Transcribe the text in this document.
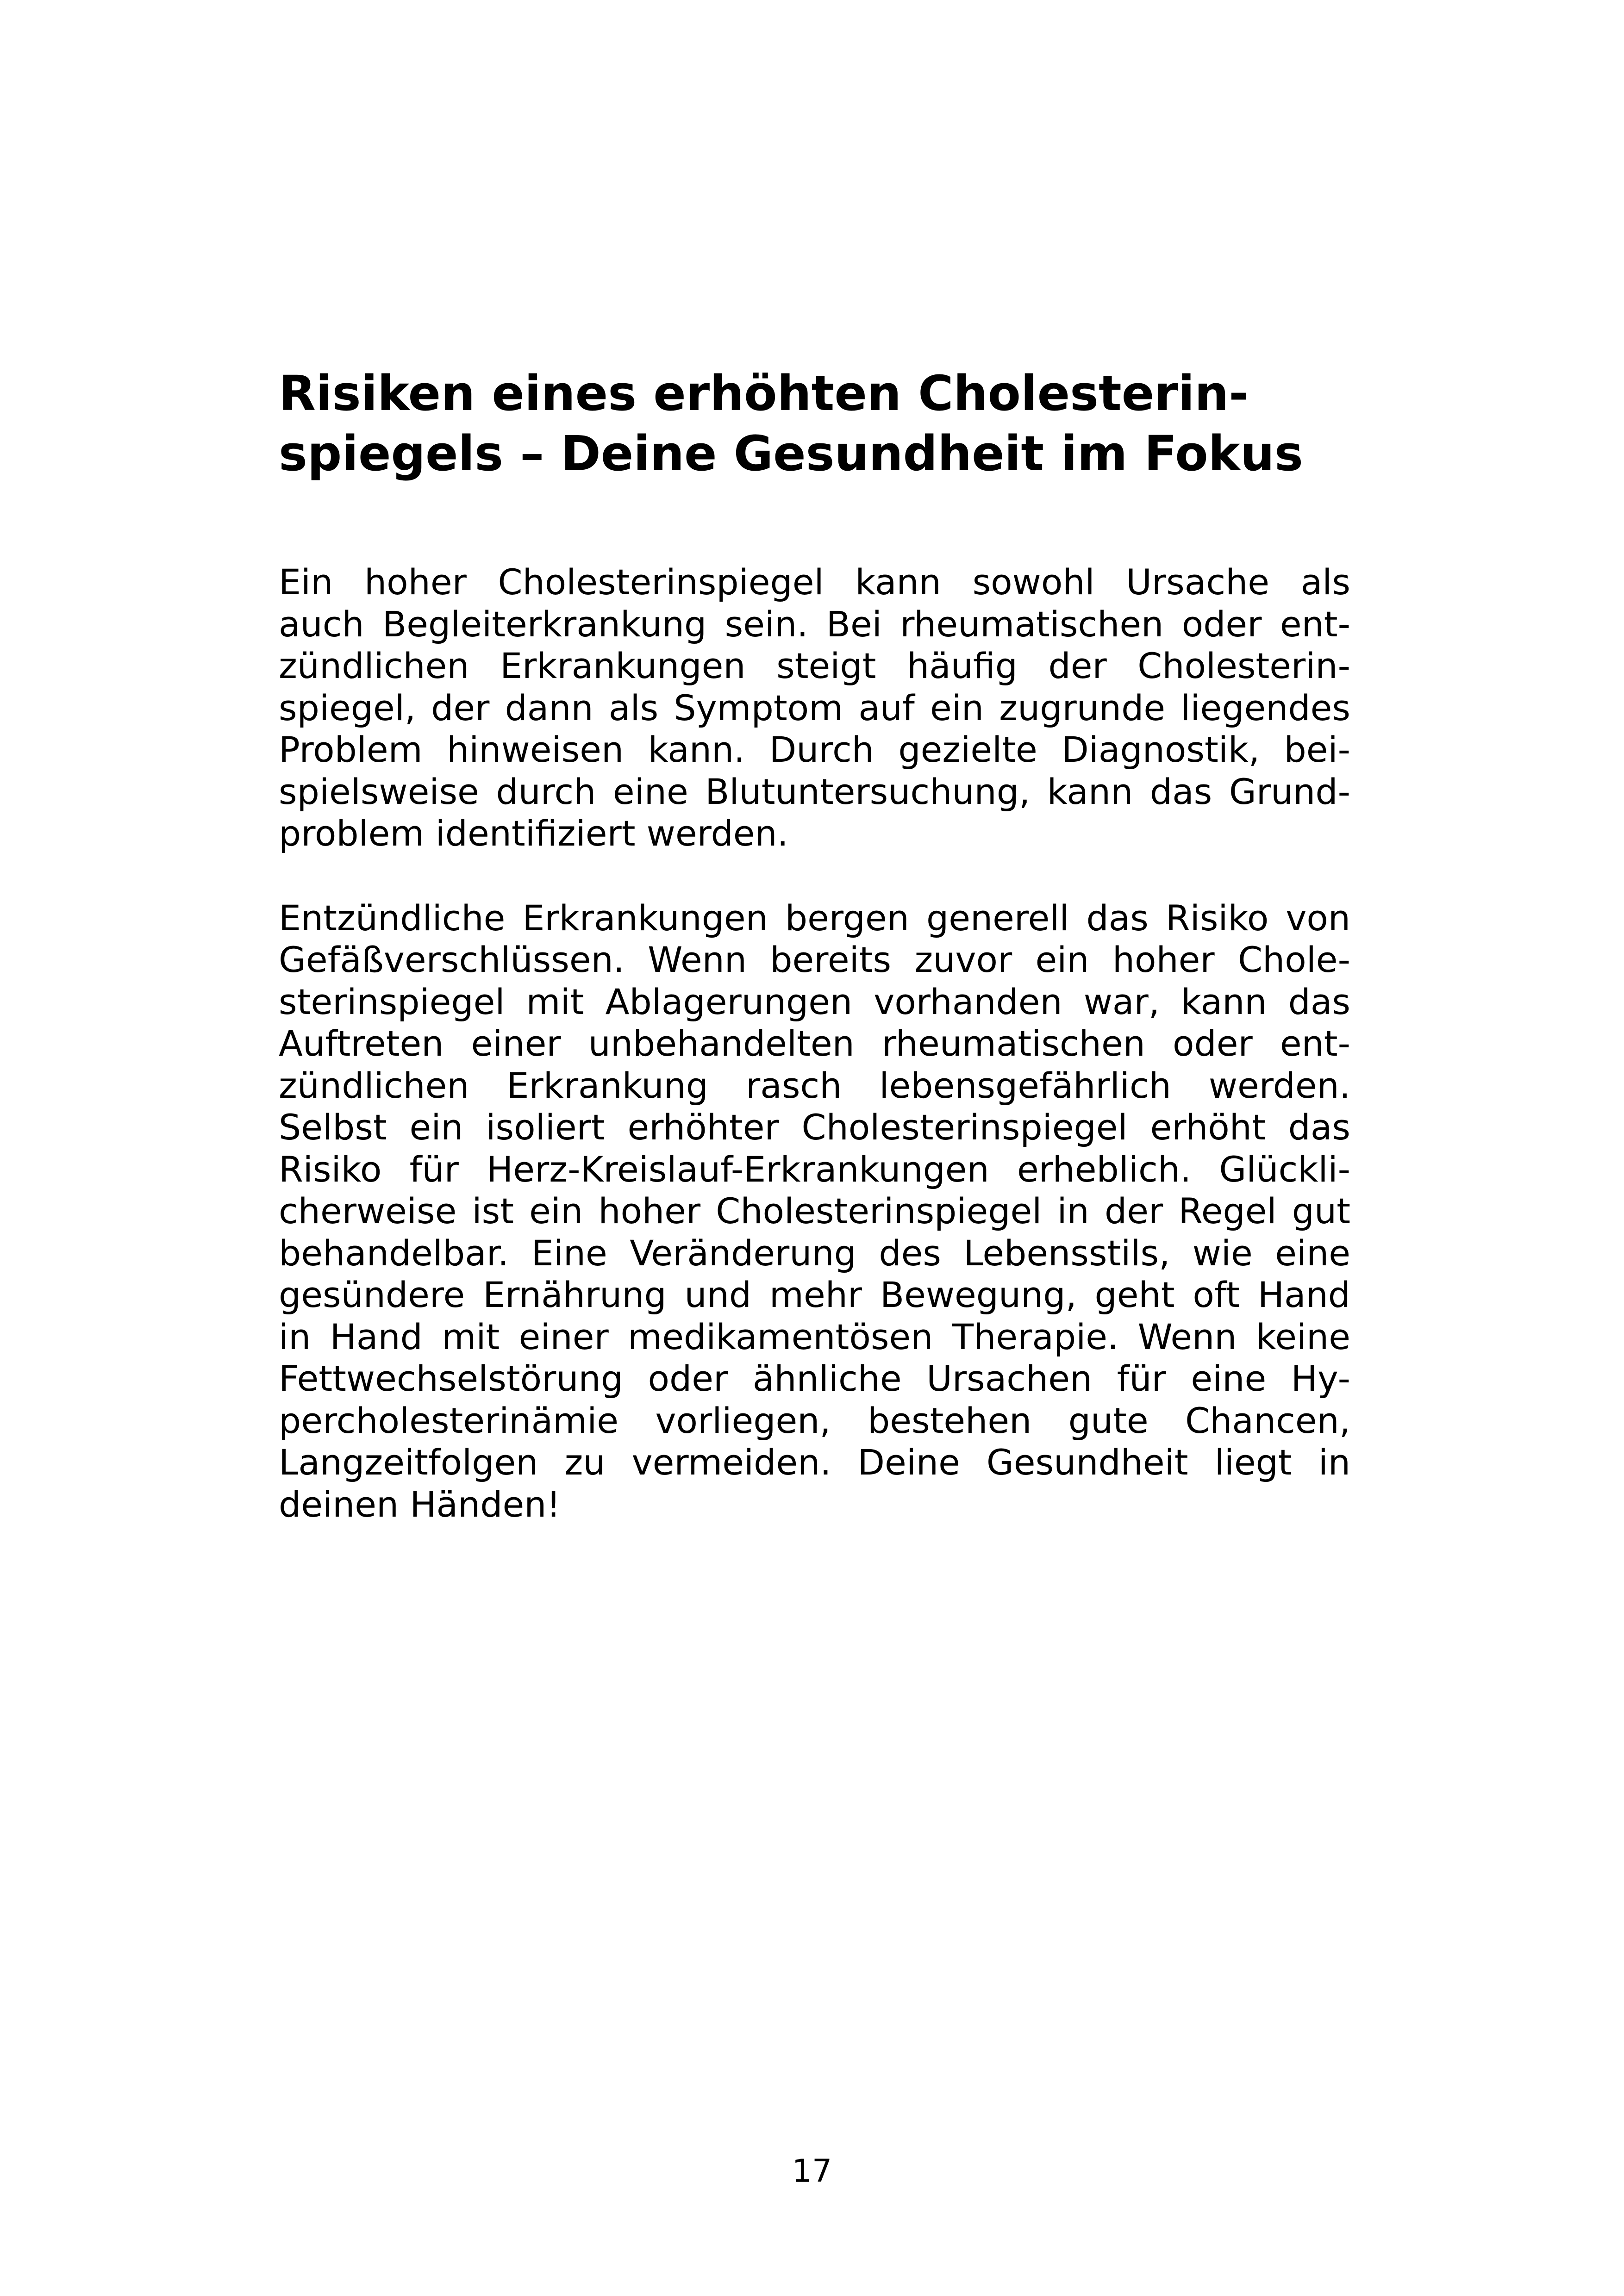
Risiken eines erhöhten Cholesterin-
spiegels – Deine Gesundheit im Fokus

Ein hoher Cholesterinspiegel kann sowohl Ursache als
auch Begleiterkrankung sein. Bei rheumatischen oder ent-
zündlichen Erkrankungen steigt häufig der Cholesterin-
spiegel, der dann als Symptom auf ein zugrunde liegendes
Problem hinweisen kann. Durch gezielte Diagnostik, bei-
spielsweise durch eine Blutuntersuchung, kann das Grund-
problem identifiziert werden.

Entzündliche Erkrankungen bergen generell das Risiko von
Gefäßverschlüssen. Wenn bereits zuvor ein hoher Chole-
sterinspiegel mit Ablagerungen vorhanden war, kann das
Auftreten einer unbehandelten rheumatischen oder ent-
zündlichen Erkrankung rasch lebensgefährlich werden.
Selbst ein isoliert erhöhter Cholesterinspiegel erhöht das
Risiko für Herz-Kreislauf-Erkrankungen erheblich. Glückli-
cherweise ist ein hoher Cholesterinspiegel in der Regel gut
behandelbar. Eine Veränderung des Lebensstils, wie eine
gesündere Ernährung und mehr Bewegung, geht oft Hand
in Hand mit einer medikamentösen Therapie. Wenn keine
Fettwechselstörung oder ähnliche Ursachen für eine Hy-
percholesterinämie vorliegen, bestehen gute Chancen,
Langzeitfolgen zu vermeiden. Deine Gesundheit liegt in
deinen Händen!

17
